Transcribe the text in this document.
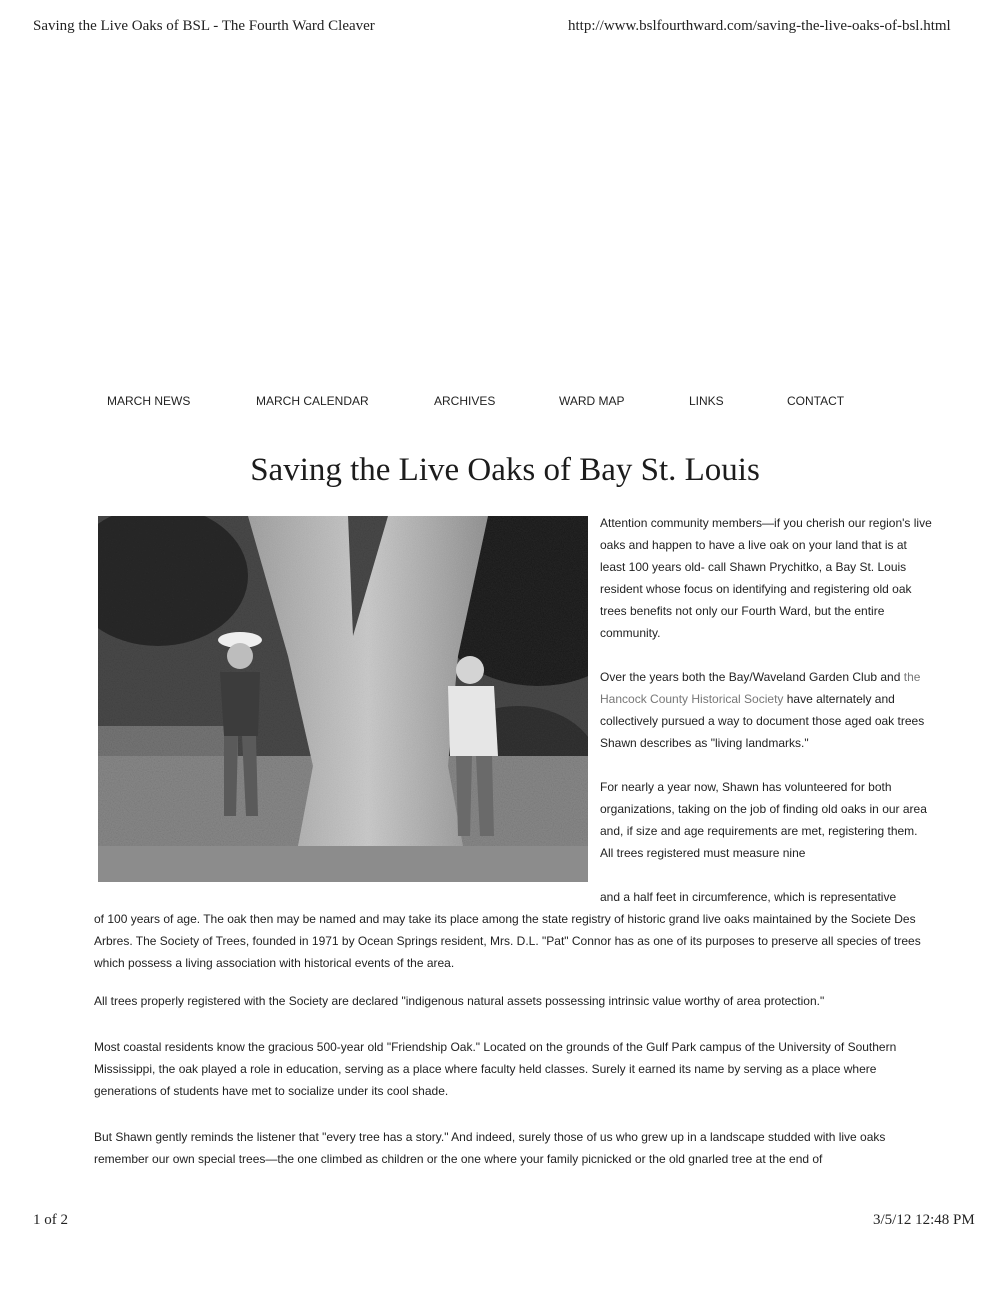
Saving the Live Oaks of BSL - The Fourth Ward Cleaver	http://www.bslfourthward.com/saving-the-live-oaks-of-bsl.html
MARCH NEWS	MARCH CALENDAR	ARCHIVES	WARD MAP	LINKS	CONTACT
Saving the Live Oaks of Bay St. Louis

Attention community members—if you cherish our region's live oaks and happen to have a live oak on your land that is at least 100 years old- call Shawn Prychitko, a Bay St. Louis resident whose focus on identifying and registering old oak trees benefits not only our Fourth Ward, but the entire community.

Over the years both the Bay/Waveland Garden Club and the Hancock County Historical Society have alternately and collectively pursued a way to document those aged oak trees Shawn describes as "living landmarks."

For nearly a year now, Shawn has volunteered for both organizations, taking on the job of finding old oaks in our area and, if size and age requirements are met, registering them. All trees registered must measure nine

and a half feet in circumference, which is representative

of 100 years of age. The oak then may be named and may take its place among the state registry of historic grand live oaks maintained by the Societe Des Arbres. The Society of Trees, founded in 1971 by Ocean Springs resident, Mrs. D.L. "Pat" Connor has as one of its purposes to preserve all species of trees which possess a living association with historical events of the area.

All trees properly registered with the Society are declared "indigenous natural assets possessing intrinsic value worthy of area protection."

Most coastal residents know the gracious 500-year old "Friendship Oak." Located on the grounds of the Gulf Park campus of the University of Southern Mississippi, the oak played a role in education, serving as a place where faculty held classes. Surely it earned its name by serving as a place where generations of students have met to socialize under its cool shade.

But Shawn gently reminds the listener that "every tree has a story." And indeed, surely those of us who grew up in a landscape studded with live oaks remember our own special trees—the one climbed as children or the one where your family picnicked or the old gnarled tree at the end of

1 of 2	3/5/12 12:48 PM
